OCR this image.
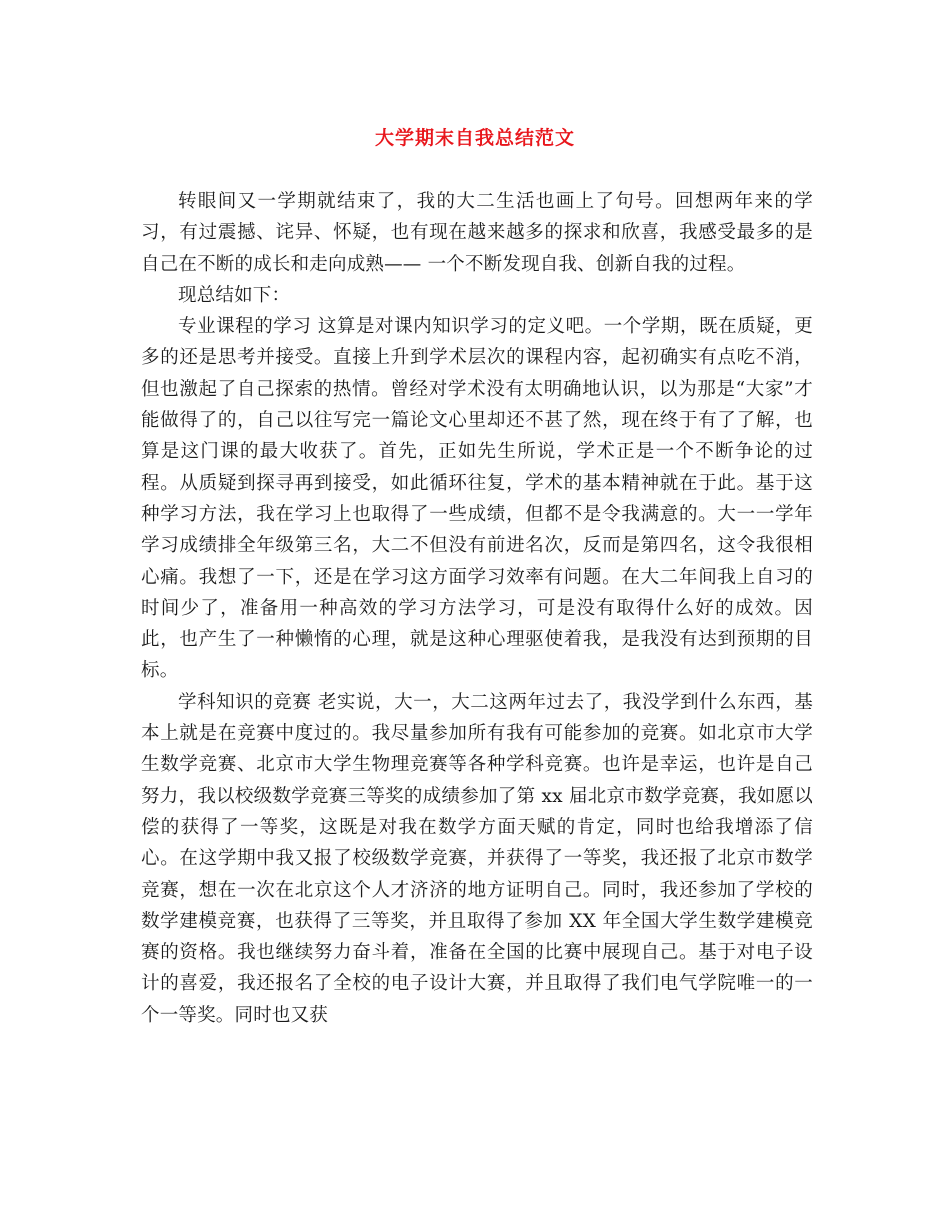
大学期末自我总结范文

转眼间又一学期就结束了，我的大二生活也画上了句号。回想两年来的学习，有过震撼、诧异、怀疑，也有现在越来越多的探求和欣喜，我感受最多的是自己在不断的成长和走向成熟—— 一个不断发现自我、创新自我的过程。

现总结如下：

专业课程的学习 这算是对课内知识学习的定义吧。一个学期，既在质疑，更多的还是思考并接受。直接上升到学术层次的课程内容，起初确实有点吃不消，但也激起了自己探索的热情。曾经对学术没有太明确地认识，以为那是“大家”才能做得了的，自己以往写完一篇论文心里却还不甚了然，现在终于有了了解，也算是这门课的最大收获了。首先，正如先生所说，学术正是一个不断争论的过程。从质疑到探寻再到接受，如此循环往复，学术的基本精神就在于此。基于这种学习方法，我在学习上也取得了一些成绩，但都不是令我满意的。大一一学年学习成绩排全年级第三名，大二不但没有前进名次，反而是第四名，这令我很相心痛。我想了一下，还是在学习这方面学习效率有问题。在大二年间我上自习的时间少了，准备用一种高效的学习方法学习，可是没有取得什么好的成效。因此，也产生了一种懒惰的心理，就是这种心理驱使着我，是我没有达到预期的目标。

学科知识的竞赛 老实说，大一，大二这两年过去了，我没学到什么东西，基本上就是在竞赛中度过的。我尽量参加所有我有可能参加的竞赛。如北京市大学生数学竞赛、北京市大学生物理竞赛等各种学科竞赛。也许是幸运，也许是自己努力，我以校级数学竞赛三等奖的成绩参加了第 xx 届北京市数学竞赛，我如愿以偿的获得了一等奖，这既是对我在数学方面天赋的肯定，同时也给我增添了信心。在这学期中我又报了校级数学竞赛，并获得了一等奖，我还报了北京市数学竞赛，想在一次在北京这个人才济济的地方证明自己。同时，我还参加了学校的数学建模竞赛，也获得了三等奖，并且取得了参加 XX 年全国大学生数学建模竞赛的资格。我也继续努力奋斗着，准备在全国的比赛中展现自己。基于对电子设计的喜爱，我还报名了全校的电子设计大赛，并且取得了我们电气学院唯一的一个一等奖。同时也又获
